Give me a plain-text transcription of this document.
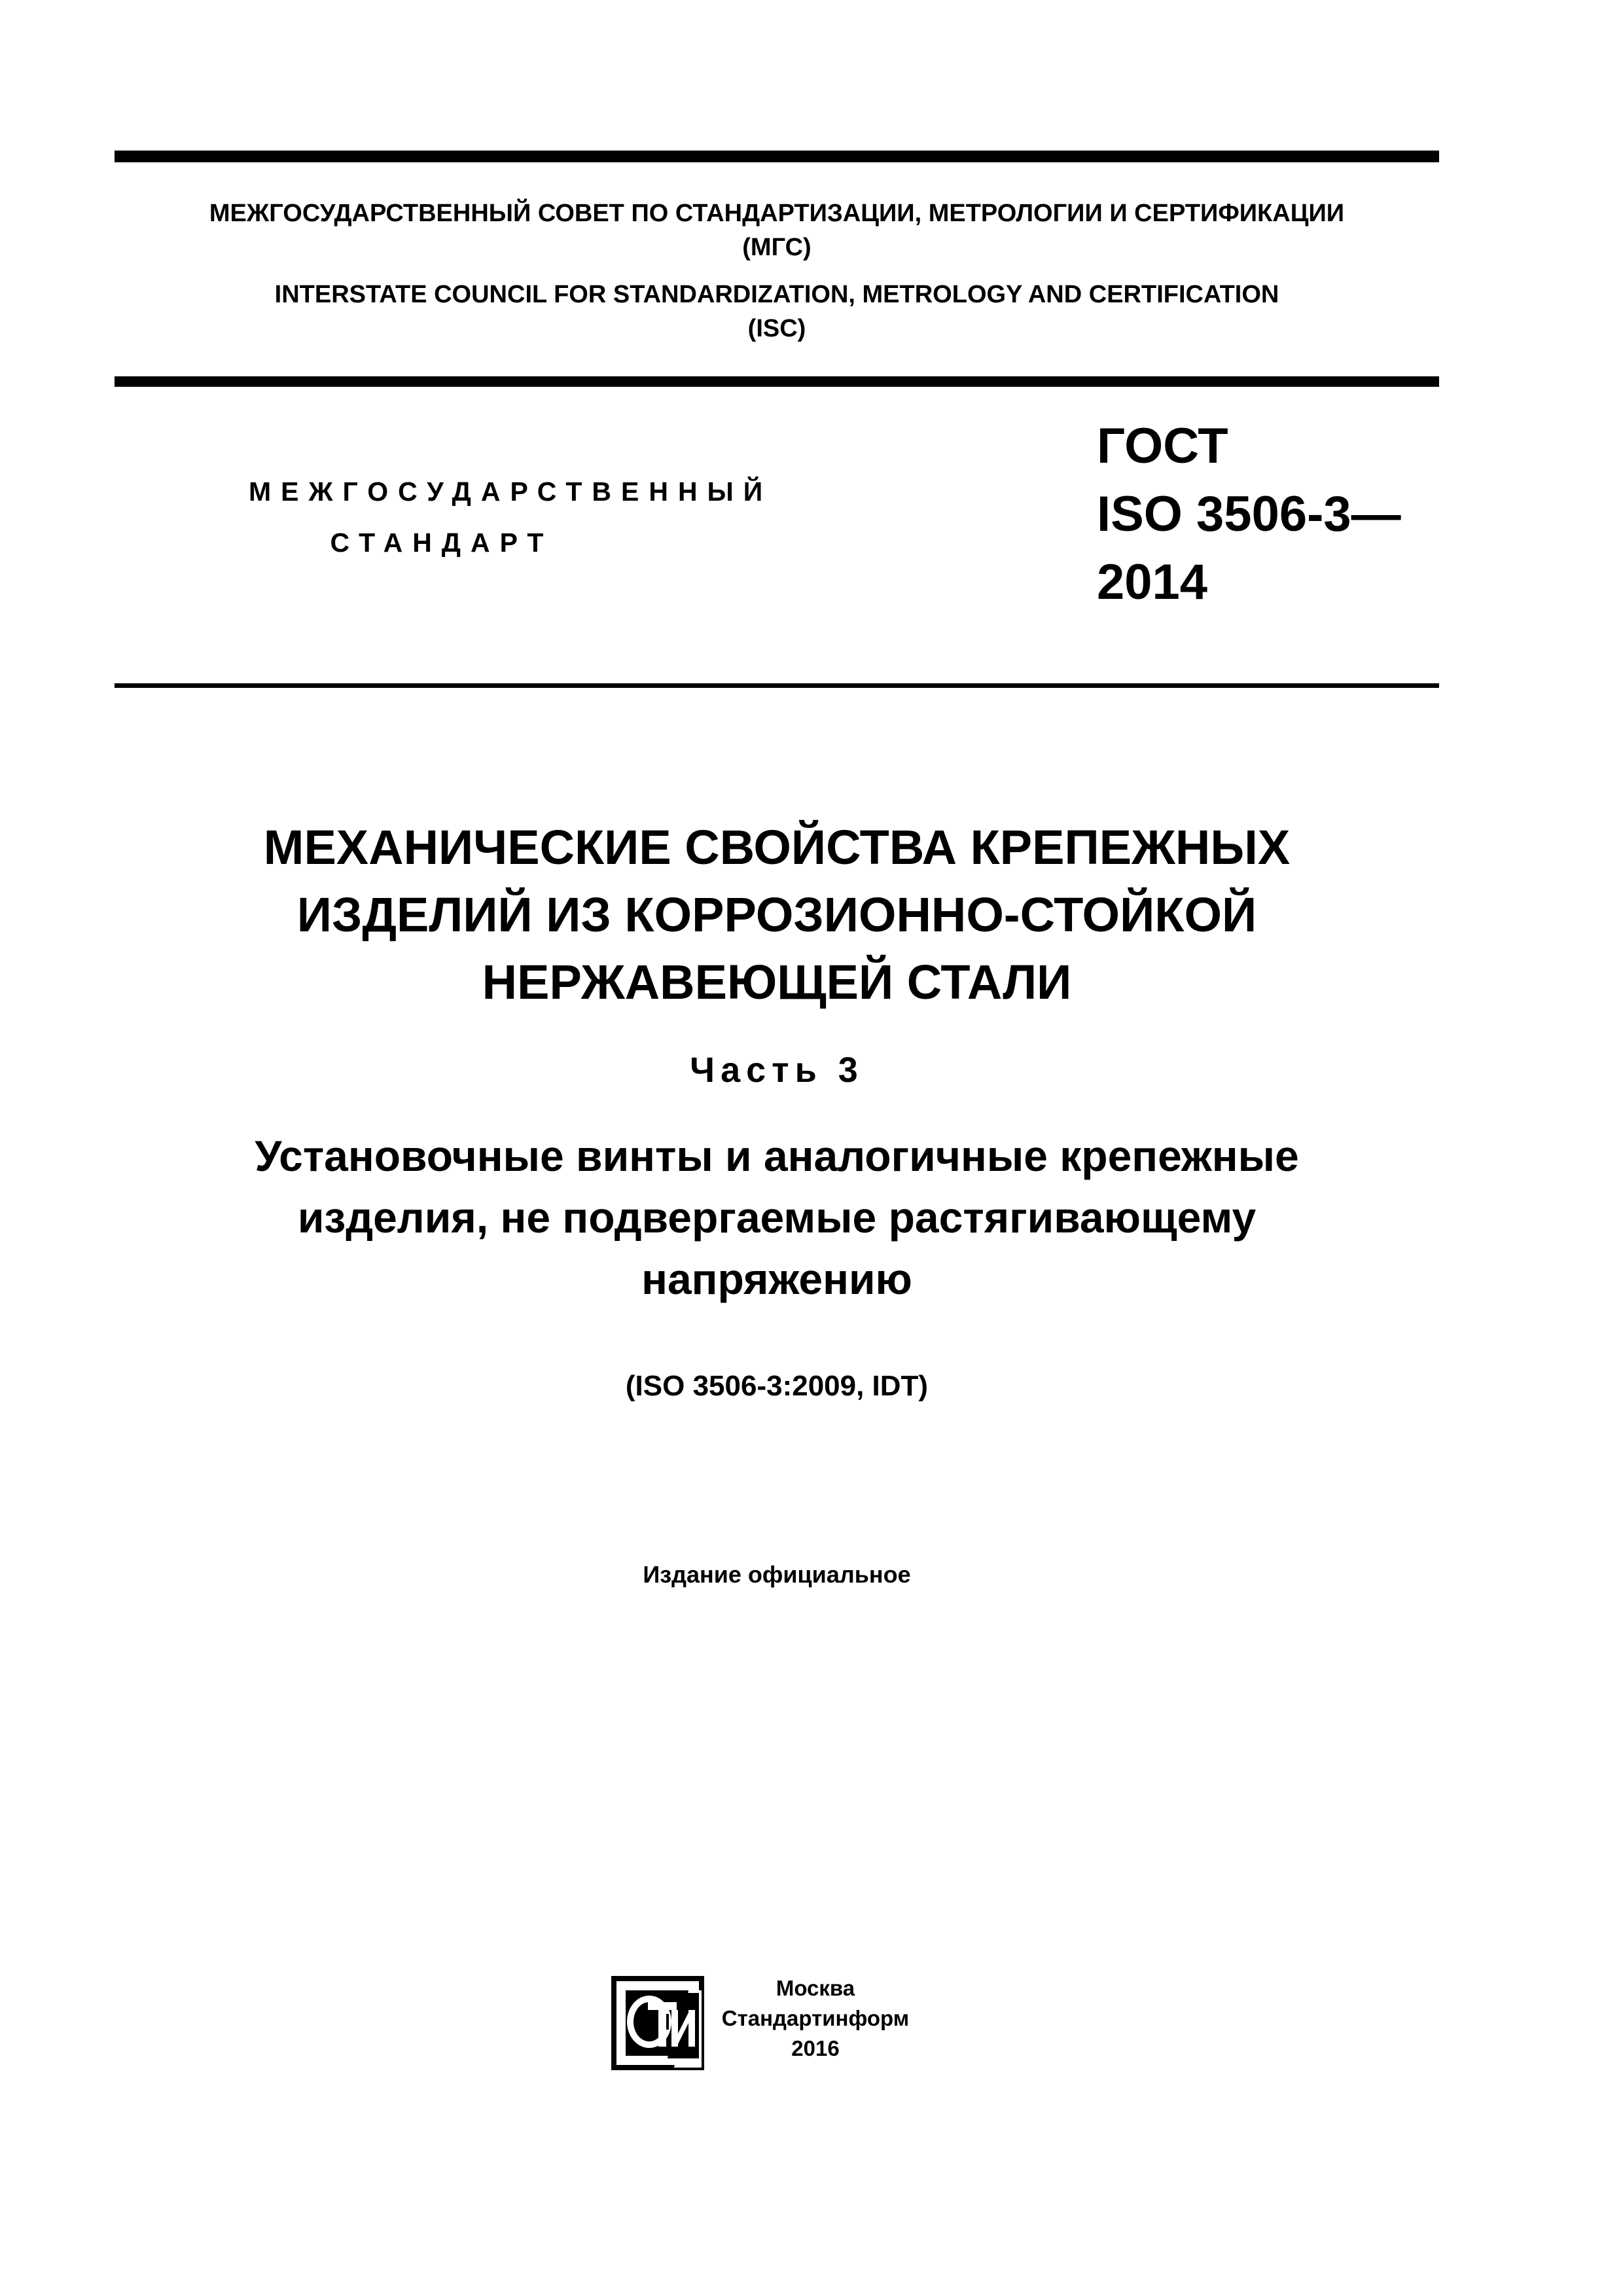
МЕЖГОСУДАРСТВЕННЫЙ СОВЕТ ПО СТАНДАРТИЗАЦИИ, МЕТРОЛОГИИ И СЕРТИФИКАЦИИ
(МГС)
INTERSTATE COUNCIL FOR STANDARDIZATION, METROLOGY AND CERTIFICATION
(ISC)
МЕЖГОСУДАРСТВЕННЫЙ
СТАНДАРТ
ГОСТ
ISO 3506-3—
2014
МЕХАНИЧЕСКИЕ СВОЙСТВА КРЕПЕЖНЫХ
ИЗДЕЛИЙ ИЗ КОРРОЗИОННО-СТОЙКОЙ
НЕРЖАВЕЮЩЕЙ СТАЛИ
Часть 3
Установочные винты и аналогичные крепежные
изделия, не подвергаемые растягивающему
напряжению
(ISO 3506-3:2009, IDT)
Издание официальное
Москва
Стандартинформ
2016
